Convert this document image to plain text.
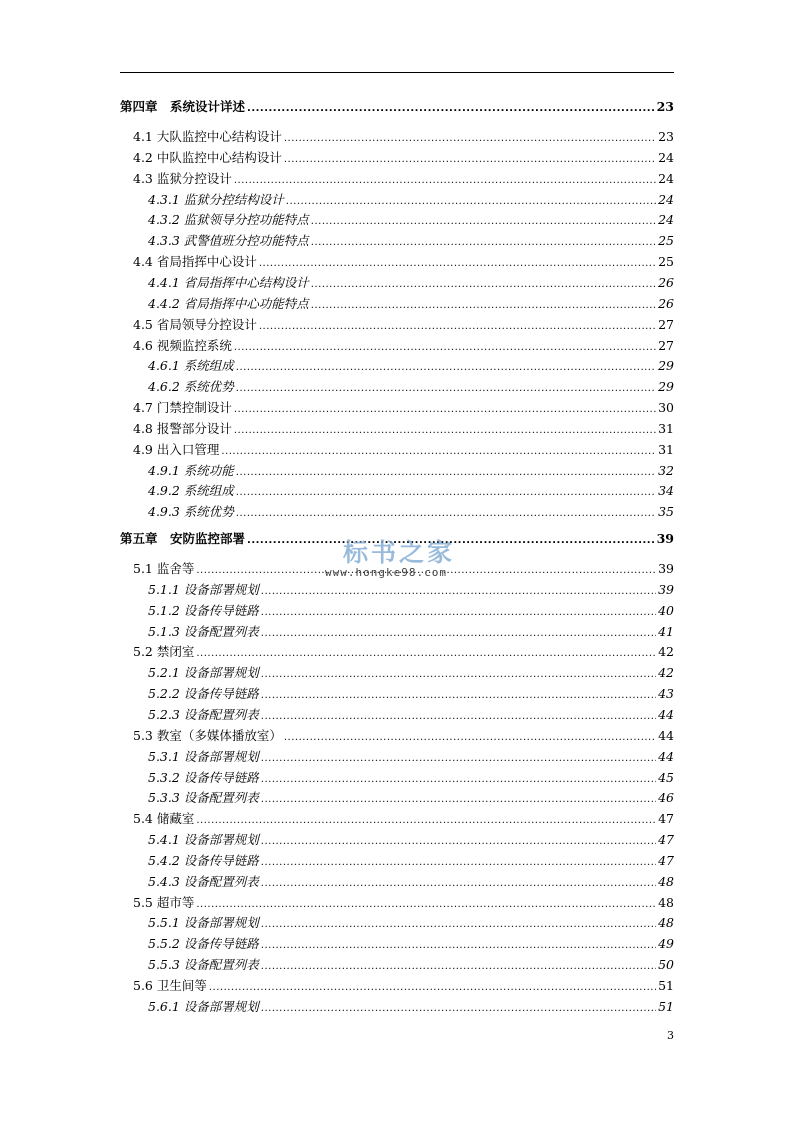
第四章　系统设计详述 .....	23
4.1 大队监控中心结构设计 .....	23
4.2 中队监控中心结构设计 .....	24
4.3 监狱分控设计 .....	24
4.3.1 监狱分控结构设计 .....	24
4.3.2 监狱领导分控功能特点 .....	24
4.3.3 武警值班分控功能特点 .....	25
4.4 省局指挥中心设计 .....	25
4.4.1 省局指挥中心结构设计 .....	26
4.4.2 省局指挥中心功能特点 .....	26
4.5 省局领导分控设计 .....	27
4.6 视频监控系统 .....	27
4.6.1 系统组成 .....	29
4.6.2 系统优势 .....	29
4.7 门禁控制设计 .....	30
4.8 报警部分设计 .....	31
4.9 出入口管理 .....	31
4.9.1 系统功能 .....	32
4.9.2 系统组成 .....	34
4.9.3 系统优势 .....	35
第五章　安防监控部署 .....	39
5.1 监舍等 .....	39
5.1.1 设备部署规划 .....	39
5.1.2 设备传导链路 .....	40
5.1.3 设备配置列表 .....	41
5.2 禁闭室 .....	42
5.2.1 设备部署规划 .....	42
5.2.2 设备传导链路 .....	43
5.2.3 设备配置列表 .....	44
5.3 教室（多媒体播放室） .....	44
5.3.1 设备部署规划 .....	44
5.3.2 设备传导链路 .....	45
5.3.3 设备配置列表 .....	46
5.4 储藏室 .....	47
5.4.1 设备部署规划 .....	47
5.4.2 设备传导链路 .....	47
5.4.3 设备配置列表 .....	48
5.5 超市等 .....	48
5.5.1 设备部署规划 .....	48
5.5.2 设备传导链路 .....	49
5.5.3 设备配置列表 .....	50
5.6 卫生间等 .....	51
5.6.1 设备部署规划 .....	51
标书之家
www.hongke98.com
3
